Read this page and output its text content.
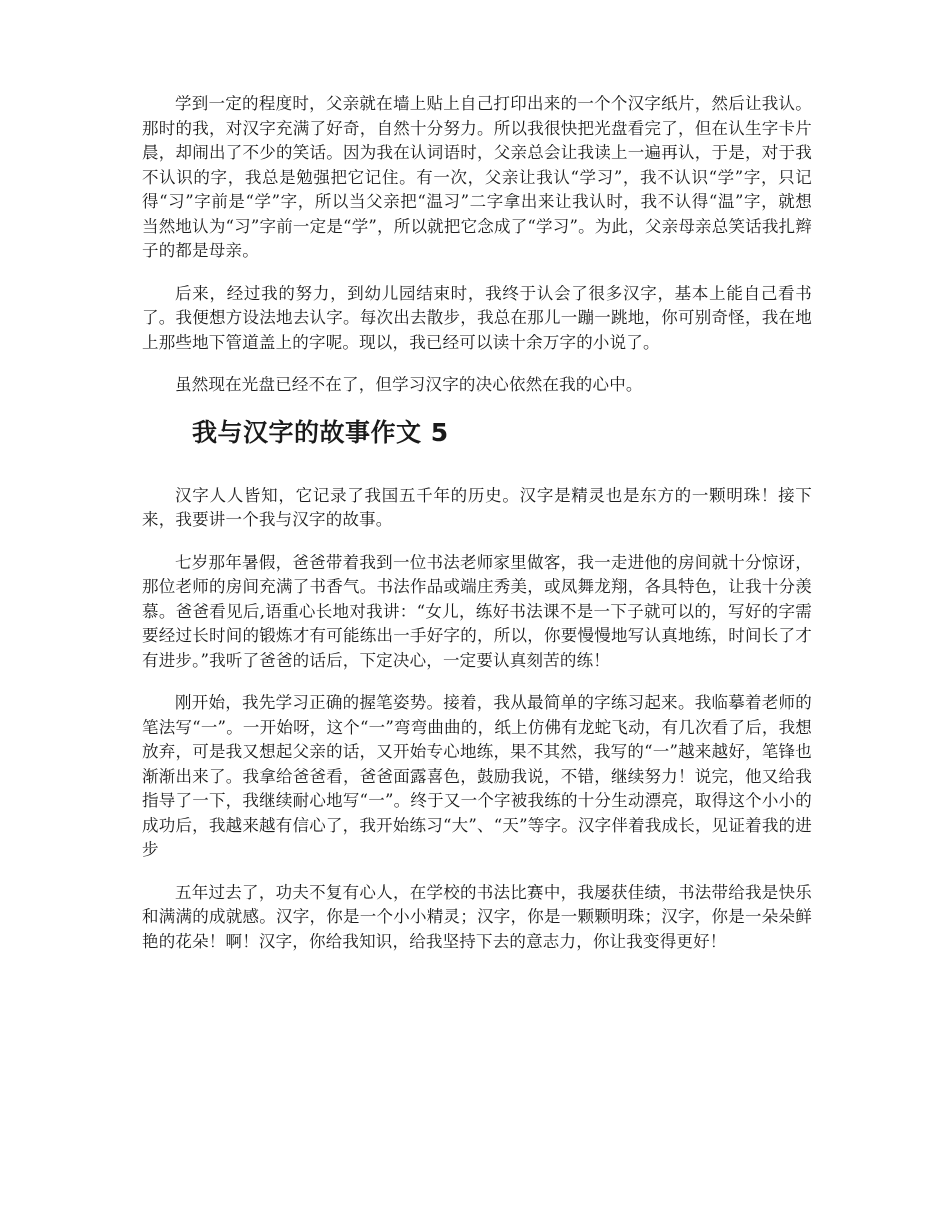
学到一定的程度时，父亲就在墙上贴上自己打印出来的一个个汉字纸片，然后让我认。那时的我，对汉字充满了好奇，自然十分努力。所以我很快把光盘看完了，但在认生字卡片晨，却闹出了不少的笑话。因为我在认词语时，父亲总会让我读上一遍再认，于是，对于我不认识的字，我总是勉强把它记住。有一次，父亲让我认“学习”，我不认识“学”字，只记得“习”字前是“学”字，所以当父亲把“温习”二字拿出来让我认时，我不认得“温”字，就想当然地认为“习”字前一定是“学”，所以就把它念成了“学习”。为此，父亲母亲总笑话我扎辫子的都是母亲。

后来，经过我的努力，到幼儿园结束时，我终于认会了很多汉字，基本上能自己看书了。我便想方设法地去认字。每次出去散步，我总在那儿一蹦一跳地，你可别奇怪，我在地上那些地下管道盖上的字呢。现以，我已经可以读十余万字的小说了。

虽然现在光盘已经不在了，但学习汉字的决心依然在我的心中。

我与汉字的故事作文 5

汉字人人皆知，它记录了我国五千年的历史。汉字是精灵也是东方的一颗明珠！接下来，我要讲一个我与汉字的故事。

七岁那年暑假，爸爸带着我到一位书法老师家里做客，我一走进他的房间就十分惊讶，那位老师的房间充满了书香气。书法作品或端庄秀美，或凤舞龙翔，各具特色，让我十分羡慕。爸爸看见后,语重心长地对我讲：“女儿，练好书法课不是一下子就可以的，写好的字需要经过长时间的锻炼才有可能练出一手好字的，所以，你要慢慢地写认真地练，时间长了才有进步。”我听了爸爸的话后，下定决心，一定要认真刻苦的练！

刚开始，我先学习正确的握笔姿势。接着，我从最简单的字练习起来。我临摹着老师的笔法写“一”。一开始呀，这个“一”弯弯曲曲的，纸上仿佛有龙蛇飞动，有几次看了后，我想放弃，可是我又想起父亲的话，又开始专心地练，果不其然，我写的“一”越来越好，笔锋也渐渐出来了。我拿给爸爸看，爸爸面露喜色，鼓励我说，不错，继续努力！说完，他又给我指导了一下，我继续耐心地写“一”。终于又一个字被我练的十分生动漂亮，取得这个小小的成功后，我越来越有信心了，我开始练习“大”、“天”等字。汉字伴着我成长，见证着我的进步

五年过去了，功夫不复有心人，在学校的书法比赛中，我屡获佳绩，书法带给我是快乐和满满的成就感。汉字，你是一个小小精灵；汉字，你是一颗颗明珠；汉字，你是一朵朵鲜艳的花朵！啊！汉字，你给我知识，给我坚持下去的意志力，你让我变得更好！
